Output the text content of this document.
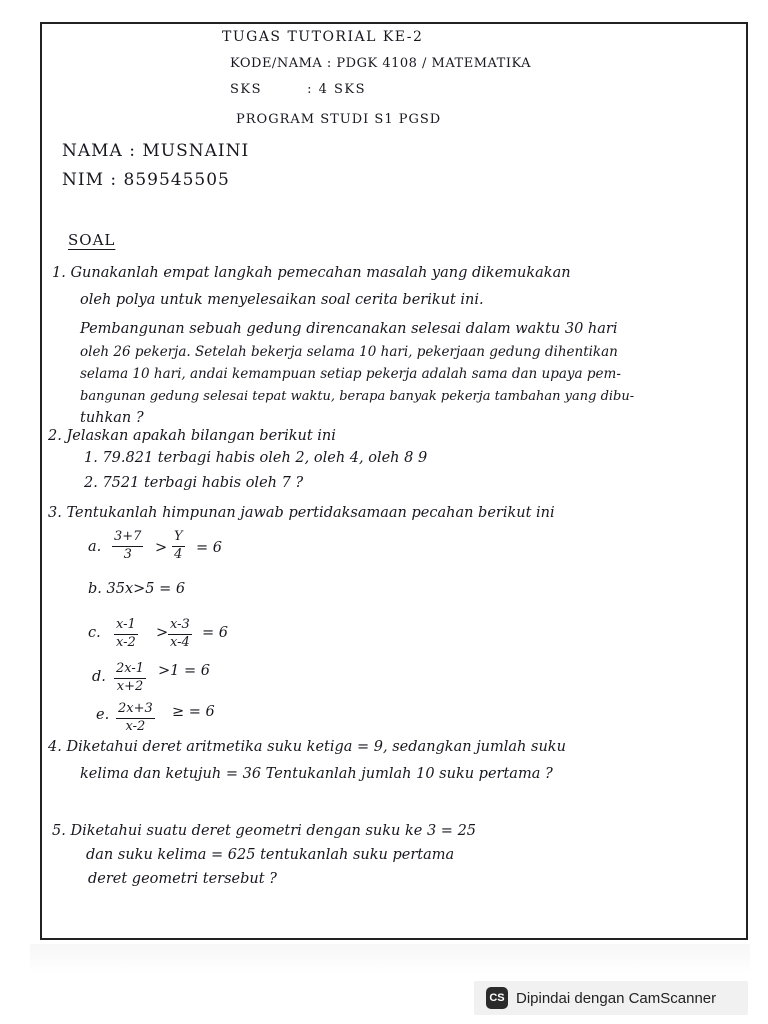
TUGAS TUTORIAL KE-2
KODE/NAMA : PDGK 4108 / MATEMATIKA
SKS        : 4 SKS
PROGRAM STUDI S1 PGSD
NAMA : MUSNAINI
NIM : 859545505
SOAL
1. Gunakanlah empat langkah pemecahan masalah yang dikemukakan
oleh polya untuk menyelesaikan soal cerita berikut ini.
Pembangunan sebuah gedung direncanakan selesai dalam waktu 30 hari
oleh 26 pekerja. Setelah bekerja selama 10 hari, pekerjaan gedung dihentikan
selama 10 hari, andai kemampuan setiap pekerja adalah sama dan upaya pem-
bangunan gedung selesai tepat waktu, berapa banyak pekerja tambahan yang dibu-
tuhkan ?
2. Jelaskan apakah bilangan berikut ini
1. 79.821 terbagi habis oleh 2, oleh 4, oleh 8 9
2. 7521 terbagi habis oleh 7 ?
3. Tentukanlah himpunan jawab pertidaksamaan pecahan berikut ini
a. $\frac{3+7}{3} > \frac{Y}{4} = 6$
b. 35x>5 = 6
c. $\frac{x-1}{x-2} > \frac{x-3}{x-4} = 6$
d. $\frac{2x-1}{x+2} >1 = 6$
e. $\frac{2x+3}{x-2}$ ≥ = 6
4. Diketahui deret aritmetika suku ketiga = 9, sedangkan jumlah suku
kelima dan ketujuh = 36 Tentukanlah jumlah 10 suku pertama ?
5. Diketahui suatu deret geometri dengan suku ke 3 = 25
dan suku kelima = 625 tentukanlah suku pertama
deret geometri tersebut ?
CS Dipindai dengan CamScanner
